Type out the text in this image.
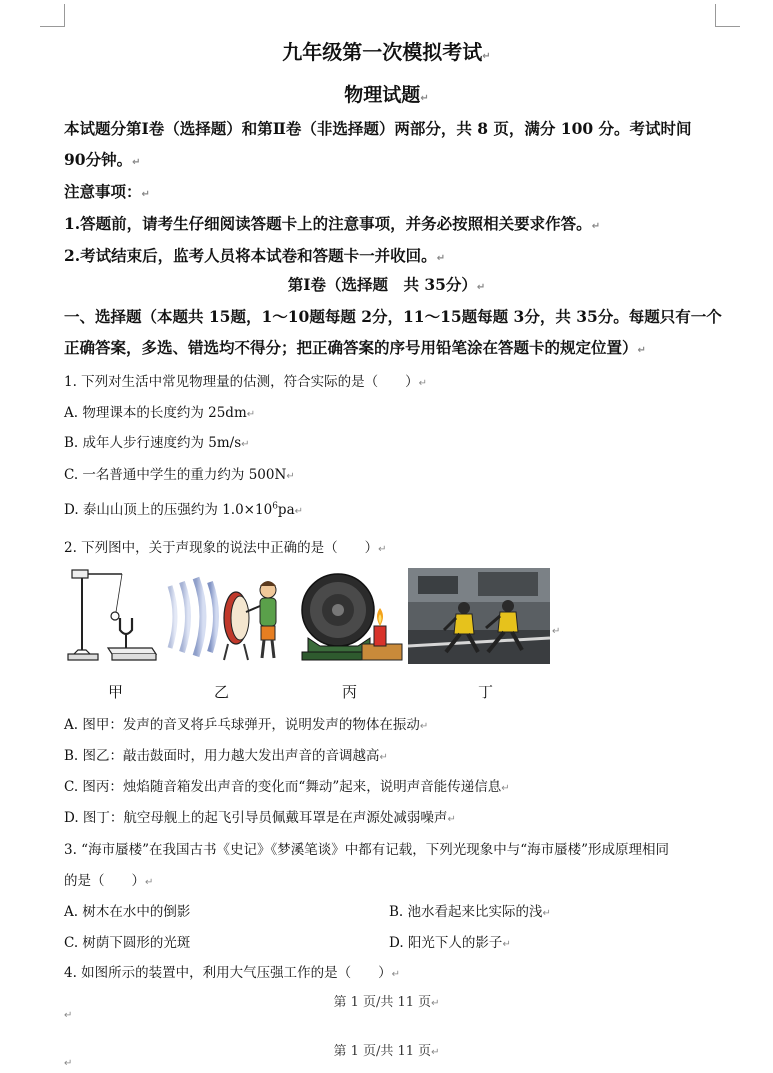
九年级第一次模拟考试↵
物理试题↵
本试题分第Ⅰ卷（选择题）和第Ⅱ卷（非选择题）两部分，共 8 页，满分 100 分。考试时间
90分钟。↵
注意事项：↵
1.答题前，请考生仔细阅读答题卡上的注意事项，并务必按照相关要求作答。↵
2.考试结束后，监考人员将本试卷和答题卡一并收回。↵
第Ⅰ卷（选择题　共 35分）↵
一、选择题（本题共 15题，1～10题每题 2分，11～15题每题 3分，共 35分。每题只有一个
正确答案，多选、错选均不得分；把正确答案的序号用铅笔涂在答题卡的规定位置）↵
1. 下列对生活中常见物理量的估测，符合实际的是（　　）↵
A. 物理课本的长度约为 25dm↵
B. 成年人步行速度约为 5m/s↵
C. 一名普通中学生的重力约为 500N↵
D. 泰山山顶上的压强约为 $1.0\times 10^6pa↵$
2. 下列图中，关于声现象的说法中正确的是（　　）↵
↵
甲	乙	丙	丁
A. 图甲：发声的音叉将乒乓球弹开，说明发声的物体在振动↵
B. 图乙：敲击鼓面时，用力越大发出声音的音调越高↵
C. 图丙：烛焰随音箱发出声音的变化而“舞动”起来，说明声音能传递信息↵
D. 图丁：航空母舰上的起飞引导员佩戴耳罩是在声源处减弱噪声↵
3. “海市蜃楼”在我国古书《史记》《梦溪笔谈》中都有记载，下列光现象中与“海市蜃楼”形成原理相同
的是（　　）↵
A. 树木在水中的倒影	B. 池水看起来比实际的浅↵
C. 树荫下圆形的光斑	D. 阳光下人的影子↵
4. 如图所示的装置中，利用大气压强工作的是（　　）↵
第 1 页/共 11 页↵
↵
第 1 页/共 11 页↵
↵
